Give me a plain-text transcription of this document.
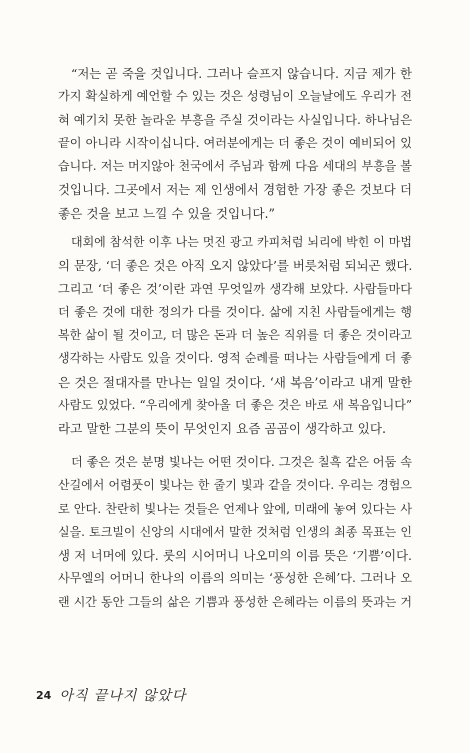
“저는 곧 죽을 것입니다. 그러나 슬프지 않습니다. 지금 제가 한

가지 확실하게 예언할 수 있는 것은 성령님이 오늘날에도 우리가 전
혀 예기치 못한 놀라운 부흥을 주실 것이라는 사실입니다. 하나님은
끝이 아니라 시작이십니다. 여러분에게는 더 좋은 것이 예비되어 있
습니다. 저는 머지않아 천국에서 주님과 함께 다음 세대의 부흥을 볼
것입니다. 그곳에서 저는 제 인생에서 경험한 가장 좋은 것보다 더
좋은 것을 보고 느낄 수 있을 것입니다.”

대회에 참석한 이후 나는 멋진 광고 카피처럼 뇌리에 박힌 이 마법

의 문장, ‘더 좋은 것은 아직 오지 않았다’를 버릇처럼 되뇌곤 했다.
그리고 ‘더 좋은 것’이란 과연 무엇일까 생각해 보았다. 사람들마다
더 좋은 것에 대한 정의가 다를 것이다. 삶에 지친 사람들에게는 행
복한 삶이 될 것이고, 더 많은 돈과 더 높은 직위를 더 좋은 것이라고
생각하는 사람도 있을 것이다. 영적 순례를 떠나는 사람들에게 더 좋
은 것은 절대자를 만나는 일일 것이다. ‘새 복음’이라고 내게 말한
사람도 있었다. “우리에게 찾아올 더 좋은 것은 바로 새 복음입니다”
라고 말한 그분의 뜻이 무엇인지 요즘 곰곰이 생각하고 있다.

더 좋은 것은 분명 빛나는 어떤 것이다. 그것은 칠흑 같은 어둠 속

산길에서 어렴풋이 빛나는 한 줄기 빛과 같을 것이다. 우리는 경험으
로 안다. 찬란히 빛나는 것들은 언제나 앞에, 미래에 놓여 있다는 사
실을. 토크빌이 신앙의 시대에서 말한 것처럼 인생의 최종 목표는 인
생 저 너머에 있다. 룻의 시어머니 나오미의 이름 뜻은 ‘기쁨’이다.
사무엘의 어머니 한나의 이름의 의미는 ‘풍성한 은혜’다. 그러나 오
랜 시간 동안 그들의 삶은 기쁨과 풍성한 은혜라는 이름의 뜻과는 거

24 아직 끝나지 않았다
